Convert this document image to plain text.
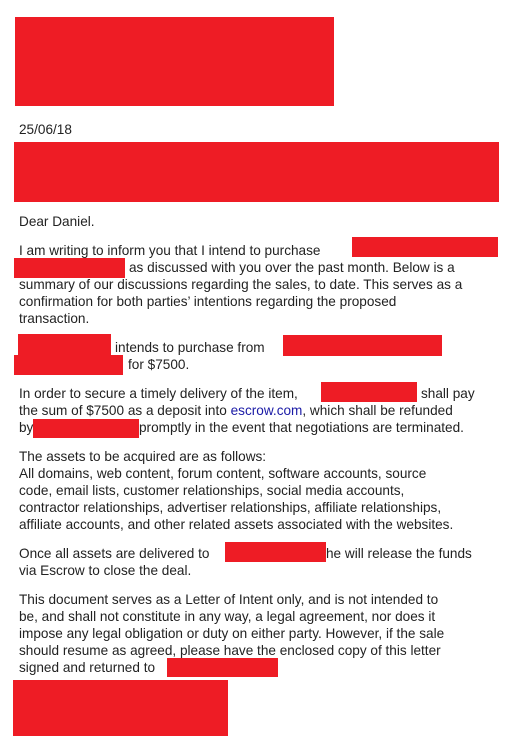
25/06/18
Dear Daniel.
I am writing to inform you that I intend to purchase
as discussed with you over the past month. Below is a
summary of our discussions regarding the sales, to date. This serves as a
confirmation for both parties’ intentions regarding the proposed
transaction.
intends to purchase from
for $7500.
In order to secure a timely delivery of the item,	shall pay
the sum of $7500 as a deposit into escrow.com, which shall be refunded
by	promptly in the event that negotiations are terminated.
The assets to be acquired are as follows:
All domains, web content, forum content, software accounts, source
code, email lists, customer relationships, social media accounts,
contractor relationships, advertiser relationships, affiliate relationships,
affiliate accounts, and other related assets associated with the websites.
Once all assets are delivered to	he will release the funds
via Escrow to close the deal.
This document serves as a Letter of Intent only, and is not intended to
be, and shall not constitute in any way, a legal agreement, nor does it
impose any legal obligation or duty on either party. However, if the sale
should resume as agreed, please have the enclosed copy of this letter
signed and returned to
